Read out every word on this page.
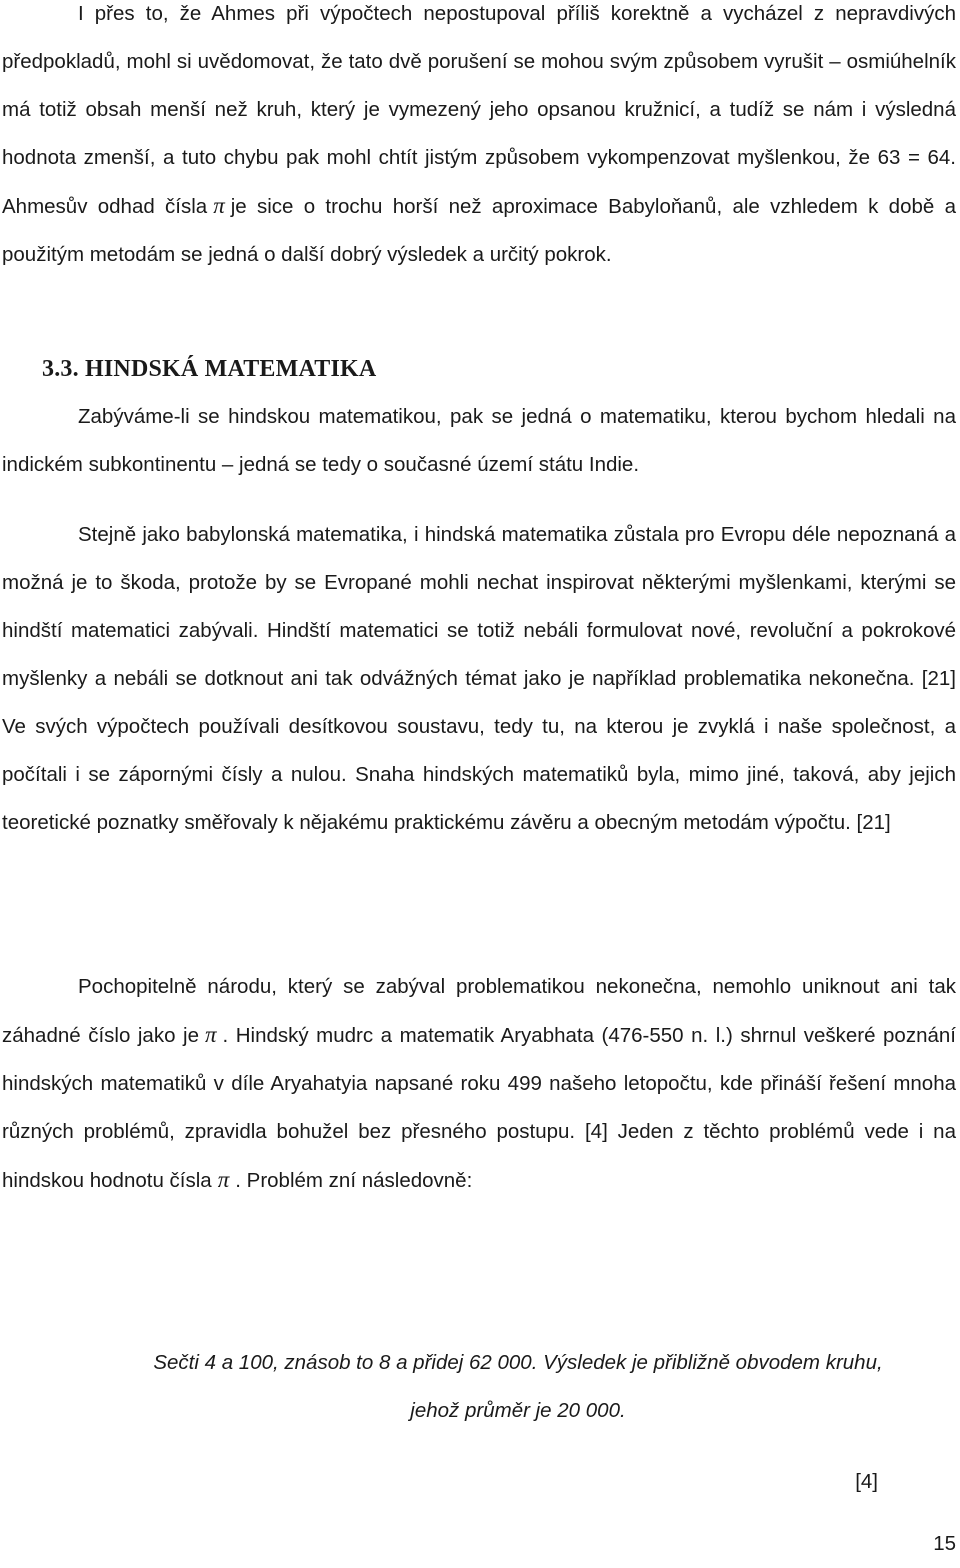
I přes to, že Ahmes při výpočtech nepostupoval příliš korektně a vycházel z nepravdivých předpokladů, mohl si uvědomovat, že tato dvě porušení se mohou svým způsobem vyrušit – osmiúhelník má totiž obsah menší než kruh, který je vymezený jeho opsanou kružnicí, a tudíž se nám i výsledná hodnota zmenší, a tuto chybu pak mohl chtít jistým způsobem vykompenzovat myšlenkou, že 63 = 64. Ahmesův odhad čísla π je sice o trochu horší než aproximace Babyloňanů, ale vzhledem k době a použitým metodám se jedná o další dobrý výsledek a určitý pokrok.

3.3. HINDSKÁ MATEMATIKA

Zabýváme-li se hindskou matematikou, pak se jedná o matematiku, kterou bychom hledali na indickém subkontinentu – jedná se tedy o současné území státu Indie.

Stejně jako babylonská matematika, i hindská matematika zůstala pro Evropu déle nepoznaná a možná je to škoda, protože by se Evropané mohli nechat inspirovat některými myšlenkami, kterými se hindští matematici zabývali. Hindští matematici se totiž nebáli formulovat nové, revoluční a pokrokové myšlenky a nebáli se dotknout ani tak odvážných témat jako je například problematika nekonečna. [21] Ve svých výpočtech používali desítkovou soustavu, tedy tu, na kterou je zvyklá i naše společnost, a počítali i se zápornými čísly a nulou. Snaha hindských matematiků byla, mimo jiné, taková, aby jejich teoretické poznatky směřovaly k nějakému praktickému závěru a obecným metodám výpočtu. [21]

Pochopitelně národu, který se zabýval problematikou nekonečna, nemohlo uniknout ani tak záhadné číslo jako je π . Hindský mudrc a matematik Aryabhata (476-550 n. l.) shrnul veškeré poznání hindských matematiků v díle Aryahatyia napsané roku 499 našeho letopočtu, kde přináší řešení mnoha různých problémů, zpravidla bohužel bez přesného postupu. [4] Jeden z těchto problémů vede i na hindskou hodnotu čísla π . Problém zní následovně:

Sečti 4 a 100, znásob to 8 a přidej 62 000. Výsledek je přibližně obvodem kruhu,
jehož průměr je 20 000.

[4]

15
